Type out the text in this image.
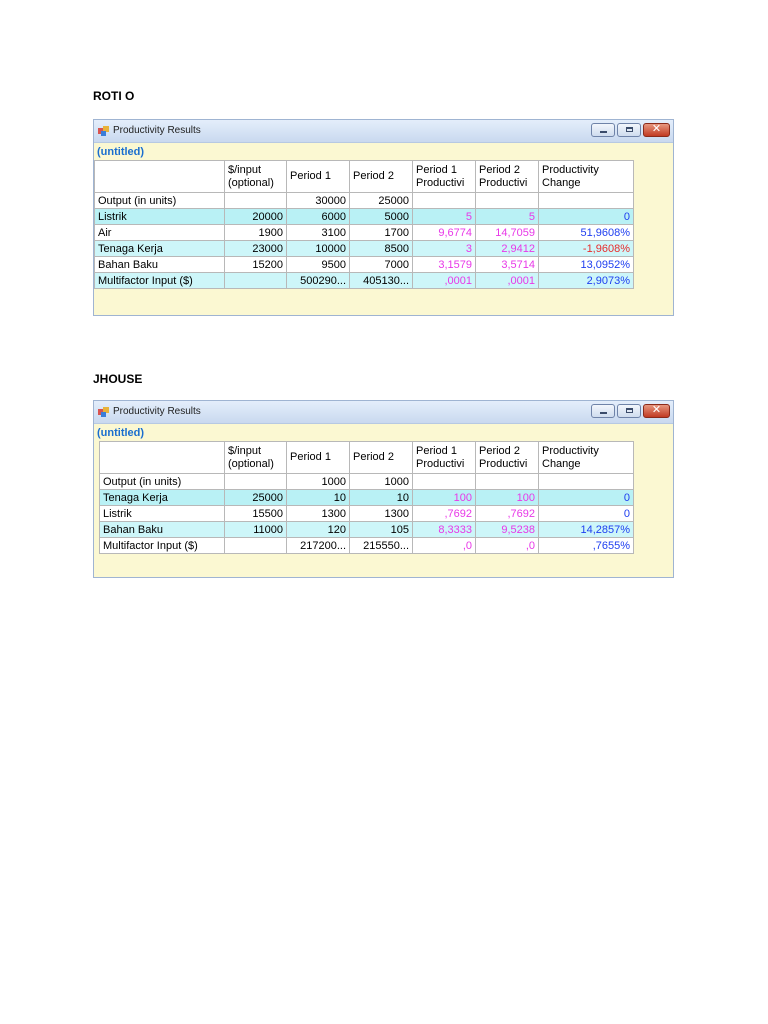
ROTI O
Productivity Results	✕
(untitled)
	$/input (optional)	Period 1	Period 2	Period 1 Productivi	Period 2 Productivi	Productivity Change
Output (in units)		30000	25000			
Listrik	20000	6000	5000	5	5	0
Air	1900	3100	1700	9,6774	14,7059	51,9608%
Tenaga Kerja	23000	10000	8500	3	2,9412	-1,9608%
Bahan Baku	15200	9500	7000	3,1579	3,5714	13,0952%
Multifactor Input ($)		500290...	405130...	,0001	,0001	2,9073%
JHOUSE
Productivity Results	✕
(untitled)
	$/input (optional)	Period 1	Period 2	Period 1 Productivi	Period 2 Productivi	Productivity Change
Output (in units)		1000	1000			
Tenaga Kerja	25000	10	10	100	100	0
Listrik	15500	1300	1300	,7692	,7692	0
Bahan Baku	11000	120	105	8,3333	9,5238	14,2857%
Multifactor Input ($)		217200...	215550...	,0	,0	,7655%
